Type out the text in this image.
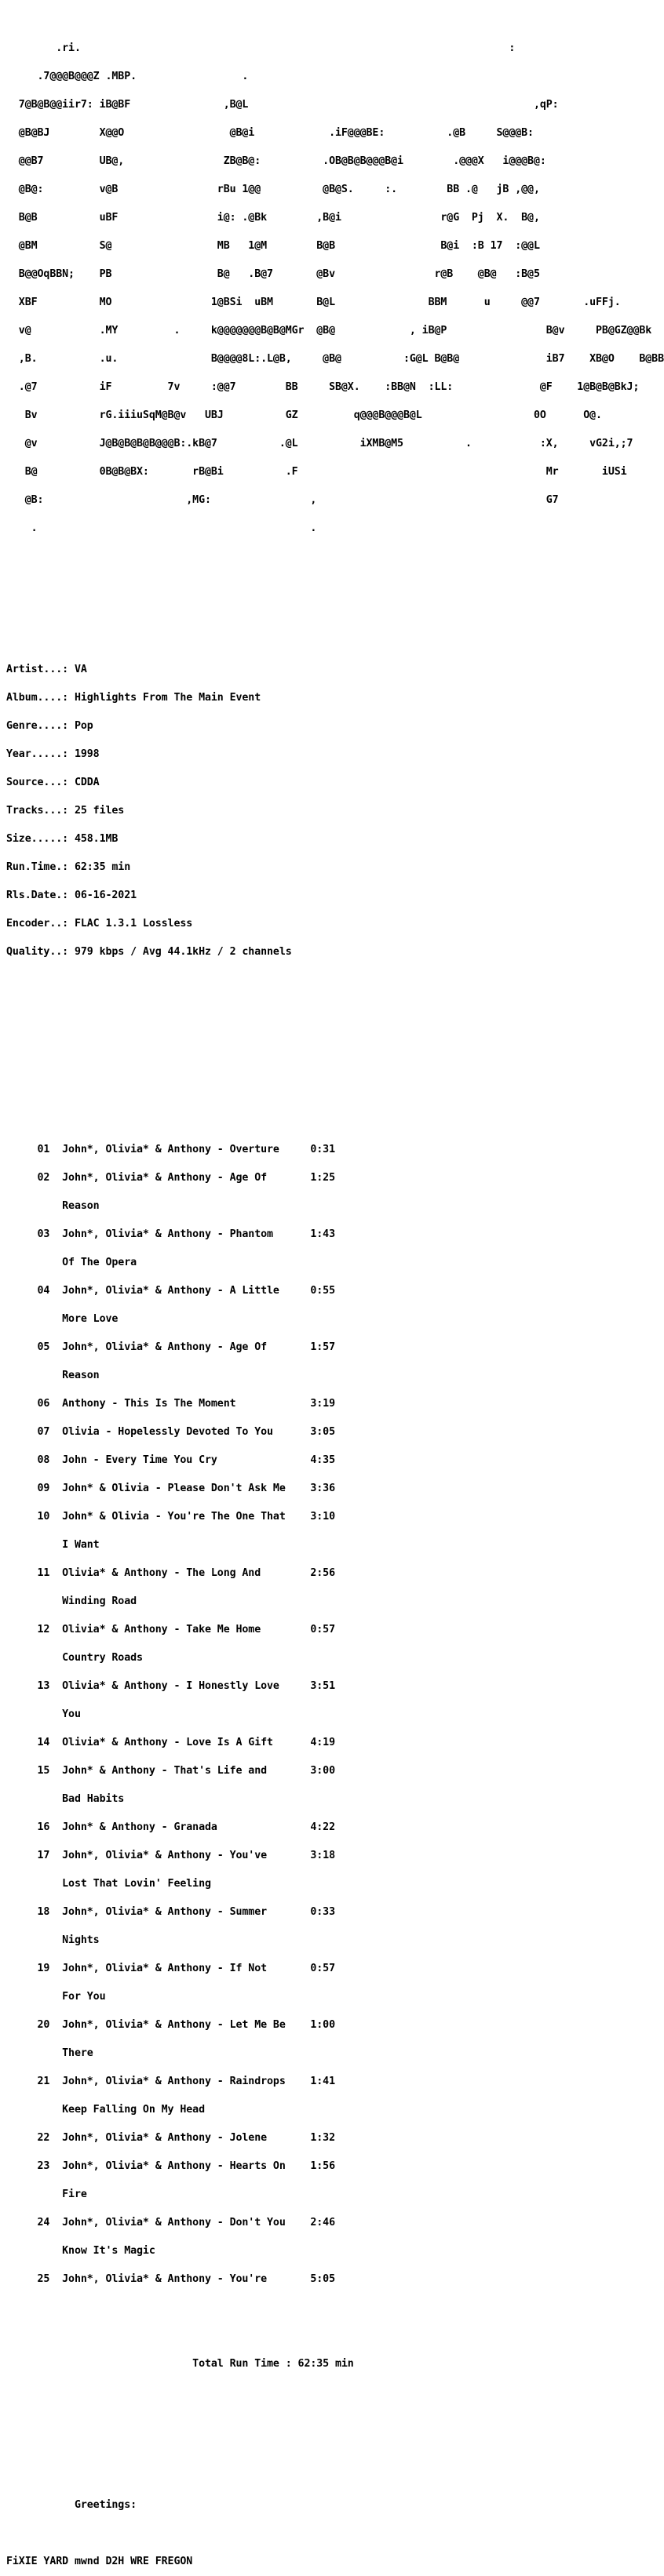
.ri.                                                                     :

.7@@@B@@@Z .MBP.                 .

7@B@B@@iir7: iB@BF               ,B@L                                              ,qP:

@B@BJ        X@@O                 @B@i            .iF@@@BE:          .@B     S@@@B:

@@B7         UB@,                ZB@B@:          .OB@B@B@@@B@i        .@@@X   i@@@B@:

@B@:         v@B                rBu 1@@          @B@S.     :.        BB .@   jB ,@@,

B@B          uBF                i@: .@Bk        ,B@i                r@G  Pj  X.  B@,

@BM          S@                 MB   1@M        B@B                 B@i  :B 17  :@@L

B@@OqBBN;    PB                 B@   .B@7       @Bv                r@B    @B@   :B@5

XBF          MO                1@BSi  uBM       B@L               BBM      u     @@7       .uFFj.

v@           .MY         .     k@@@@@@@B@B@MGr  @B@            , iB@P                B@v     PB@GZ@@Bk

,B.          .u.               B@@@@8L:.L@B,     @B@          :G@L B@B@              iB7    XB@O    B@BB

.@7          iF         7v     :@@7        BB     SB@X.    :BB@N  :LL:              @F    1@B@B@BkJ;

Bv          rG.iiiuSqM@B@v   UBJ          GZ         q@@@B@@@B@L                  0O      O@.

@v          J@B@B@B@B@@@B:.kB@7          .@L          iXMB@M5          .           :X,     vG2i,;7

B@          0B@B@BX:       rB@Bi          .F                                        Mr       iUSi

@B:                       ,MG:                ,                                     G7

.                                            .

Artist...: VA

Album....: Highlights From The Main Event

Genre....: Pop

Year.....: 1998

Source...: CDDA

Tracks...: 25 files

Size.....: 458.1MB

Run.Time.: 62:35 min

Rls.Date.: 06-16-2021

Encoder..: FLAC 1.3.1 Lossless

Quality..: 979 kbps / Avg 44.1kHz / 2 channels

01  John*, Olivia* & Anthony - Overture     0:31

02  John*, Olivia* & Anthony - Age Of       1:25

Reason

03  John*, Olivia* & Anthony - Phantom      1:43

Of The Opera

04  John*, Olivia* & Anthony - A Little     0:55

More Love

05  John*, Olivia* & Anthony - Age Of       1:57

Reason

06  Anthony - This Is The Moment            3:19

07  Olivia - Hopelessly Devoted To You      3:05

08  John - Every Time You Cry               4:35

09  John* & Olivia - Please Don't Ask Me    3:36

10  John* & Olivia - You're The One That    3:10

I Want

11  Olivia* & Anthony - The Long And        2:56

Winding Road

12  Olivia* & Anthony - Take Me Home        0:57

Country Roads

13  Olivia* & Anthony - I Honestly Love     3:51

You

14  Olivia* & Anthony - Love Is A Gift      4:19

15  John* & Anthony - That's Life and       3:00

Bad Habits

16  John* & Anthony - Granada               4:22

17  John*, Olivia* & Anthony - You've       3:18

Lost That Lovin' Feeling

18  John*, Olivia* & Anthony - Summer       0:33

Nights

19  John*, Olivia* & Anthony - If Not       0:57

For You

20  John*, Olivia* & Anthony - Let Me Be    1:00

There

21  John*, Olivia* & Anthony - Raindrops    1:41

Keep Falling On My Head

22  John*, Olivia* & Anthony - Jolene       1:32

23  John*, Olivia* & Anthony - Hearts On    1:56

Fire

24  John*, Olivia* & Anthony - Don't You    2:46

Know It's Magic

25  John*, Olivia* & Anthony - You're       5:05

Total Run Time : 62:35 min

Greetings:

FiXIE YARD mwnd D2H WRE FREGON
